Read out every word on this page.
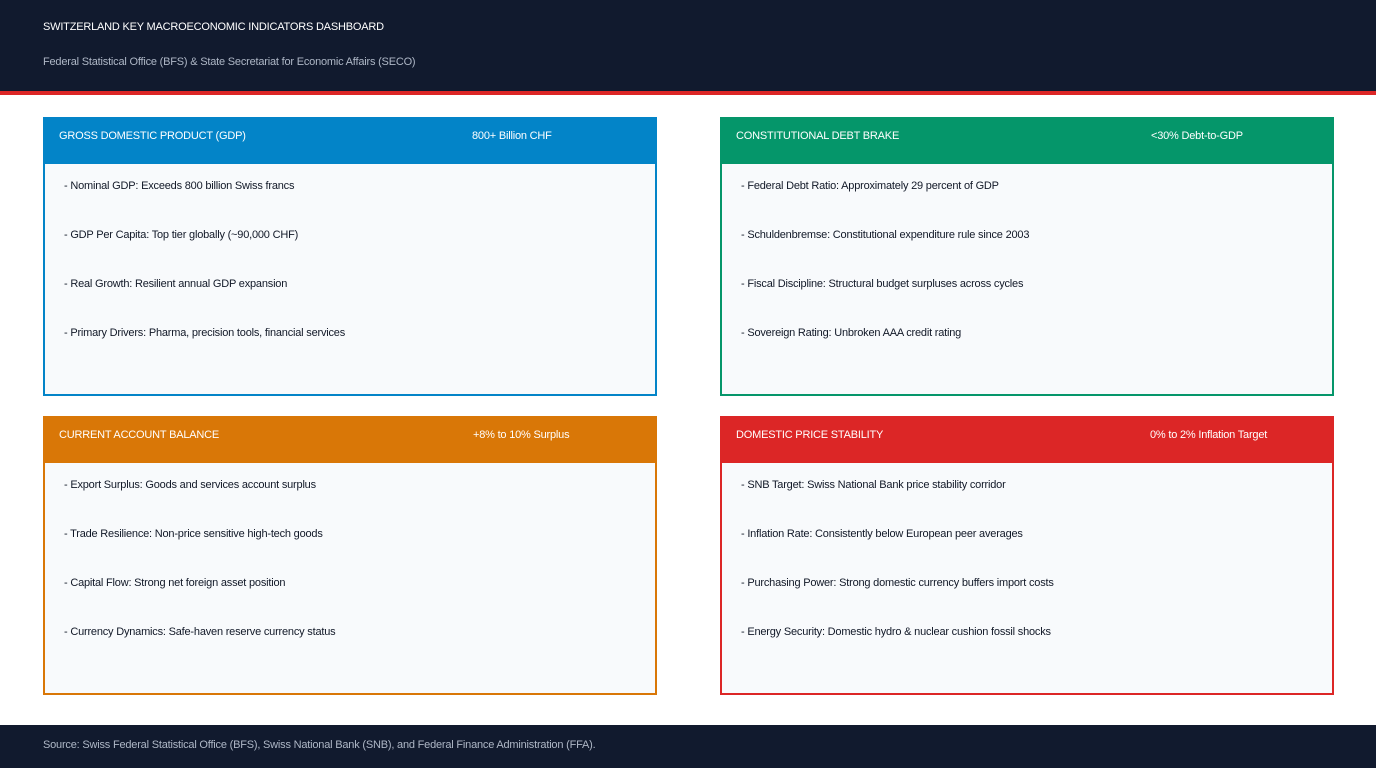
SWITZERLAND KEY MACROECONOMIC INDICATORS DASHBOARD
Federal Statistical Office (BFS) & State Secretariat for Economic Affairs (SECO)
GROSS DOMESTIC PRODUCT (GDP)	800+ Billion CHF
- Nominal GDP: Exceeds 800 billion Swiss francs
- GDP Per Capita: Top tier globally (~90,000 CHF)
- Real Growth: Resilient annual GDP expansion
- Primary Drivers: Pharma, precision tools, financial services
CONSTITUTIONAL DEBT BRAKE	<30% Debt-to-GDP
- Federal Debt Ratio: Approximately 29 percent of GDP
- Schuldenbremse: Constitutional expenditure rule since 2003
- Fiscal Discipline: Structural budget surpluses across cycles
- Sovereign Rating: Unbroken AAA credit rating
CURRENT ACCOUNT BALANCE	+8% to 10% Surplus
- Export Surplus: Goods and services account surplus
- Trade Resilience: Non-price sensitive high-tech goods
- Capital Flow: Strong net foreign asset position
- Currency Dynamics: Safe-haven reserve currency status
DOMESTIC PRICE STABILITY	0% to 2% Inflation Target
- SNB Target: Swiss National Bank price stability corridor
- Inflation Rate: Consistently below European peer averages
- Purchasing Power: Strong domestic currency buffers import costs
- Energy Security: Domestic hydro & nuclear cushion fossil shocks
Source: Swiss Federal Statistical Office (BFS), Swiss National Bank (SNB), and Federal Finance Administration (FFA).
